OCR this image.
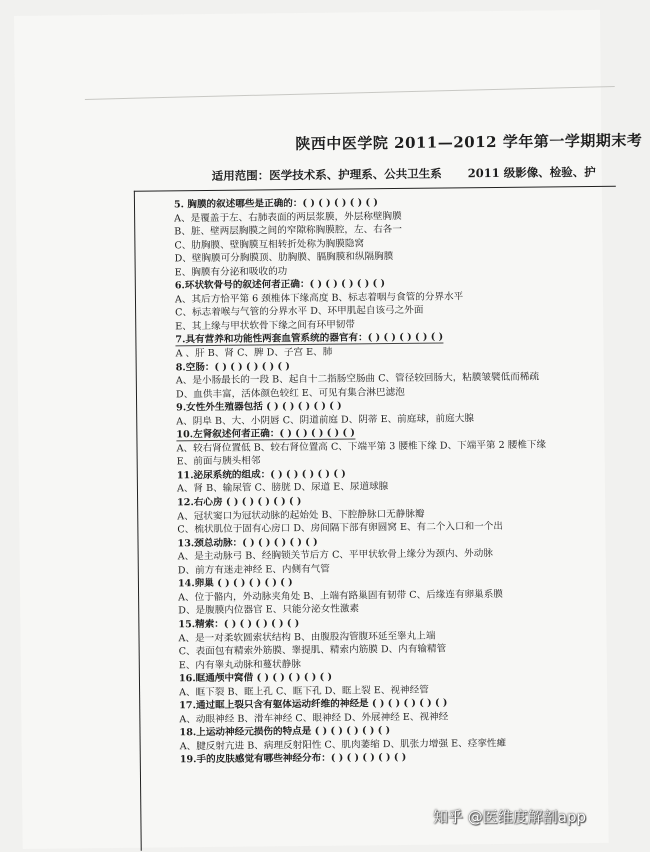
陕西中医学院 2011—2012 学年第一学期期末考
适用范围：医学技术系、护理系、公共卫生系 2011 级影像、检验、护
5. 胸膜的叙述哪些是正确的：( ) ( ) ( ) ( ) ( )
A、是覆盖于左、右肺表面的两层浆膜，外层称壁胸膜
B、脏、壁两层胸膜之间的窄隙称胸膜腔，左、右各一
C、肋胸膜、壁胸膜互相转折处称为胸膜隐窝
D、壁胸膜可分胸膜顶、肋胸膜、膈胸膜和纵隔胸膜
E、胸膜有分泌和吸收的功
6.环状软骨号的叙述何者正确：( ) ( ) ( ) ( ) ( )
A、其后方恰平第 6 颈椎体下缘高度 B、标志着咽与食管的分界水平
C、标志着喉与气管的分界水平 D、环甲肌起自该弓之外面
E、其上缘与甲状软骨下缘之间有环甲韧带
7.具有营养和功能性两套血管系统的器官有：( ) ( ) ( ) ( ) ( )
A 、肝 B、肾 C、脾 D、子宫 E、肺
8.空肠：( ) ( ) ( ) ( ) ( )
A、是小肠最长的一段 B、起自十二指肠空肠曲 C、管径较回肠大，粘膜皱襞低而稀疏
D、血供丰富，活体颜色较红 E、可见有集合淋巴滤泡
9.女性外生殖器包括 ( ) ( ) ( ) ( ) ( )
A、阴阜 B、大、小阴唇 C、阴道前庭 D、阴蒂 E、前庭球，前庭大腺
10.左肾叙述何者正确：( ) ( ) ( ) ( ) ( )
A、较右肾位置低 B、较右肾位置高 C、下端平第 3 腰椎下缘 D、下端平第 2 腰椎下缘
E、前面与胰头相邻
11.泌尿系统的组成：( ) ( ) ( ) ( ) ( )
A、肾 B、输尿管 C、膀胱 D、尿道 E、尿道球腺
12.右心房 ( ) ( ) ( ) ( ) ( )
A、冠状窦口为冠状动脉的起始处 B、下腔静脉口无静脉瓣
C、梳状肌位于固有心房口 D、房间隔下部有卵圆窝 E、有二个入口和一个出
13.颈总动脉：( ) ( ) ( ) ( ) ( )
A、是主动脉弓 B、经胸锁关节后方 C、平甲状软骨上缘分为颈内、外动脉
D、前方有迷走神经 E、内侧有气管
14.卵巢 ( ) ( ) ( ) ( ) ( )
A、位于骼内，外动脉夹角处 B、上端有路巢固有韧带 C、后缘连有卵巢系膜
D、是腹膜内位器官 E、只能分泌女性激素
15.精索：( ) ( ) ( ) ( ) ( )
A、是一对柔软圆索状结构 B、由腹股沟管腹环延至睾丸上端
C、表面包有精索外筋膜、睾提肌、精索内筋膜 D、内有输精管
E、内有睾丸动脉和蔓状静脉
16.眶通颅中窝借 ( ) ( ) ( ) ( ) ( )
A、眶下裂 B、眶上孔 C、眶下孔 D、眶上裂 E、视神经管
17.通过眶上裂只含有躯体运动纤维的神经是 ( ) ( ) ( ) ( ) ( )
A、动眼神经 B、滑车神经 C、眼神经 D、外展神经 E、视神经
18.上运动神经元损伤的特点是 ( ) ( ) ( ) ( ) ( )
A、腱反射亢进 B、病理反射阳性 C、肌肉萎缩 D、肌张力增强 E、痉挛性瘫
19.手的皮肤感觉有哪些神经分布：( ) ( ) ( ) ( ) ( )
知乎 @医维度解剖app
